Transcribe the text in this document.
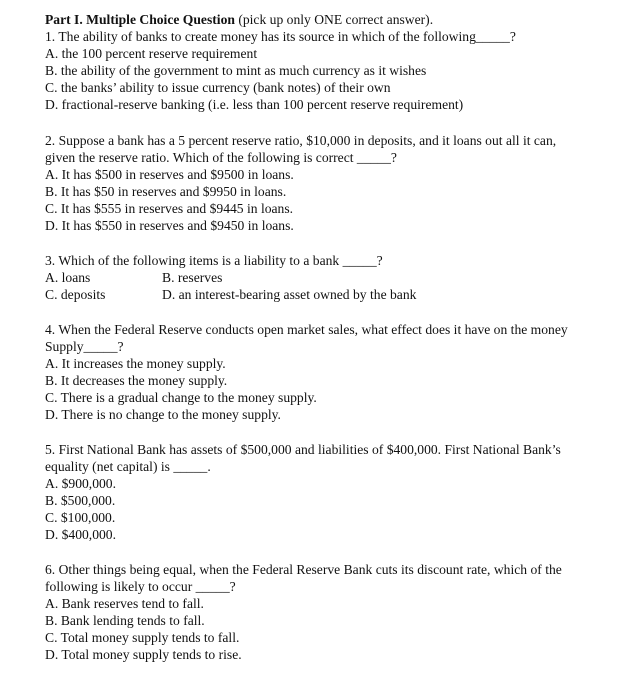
Part I. Multiple Choice Question (pick up only ONE correct answer).
1. The ability of banks to create money has its source in which of the following_____?
A. the 100 percent reserve requirement
B. the ability of the government to mint as much currency as it wishes
C. the banks’ ability to issue currency (bank notes) of their own
D. fractional-reserve banking (i.e. less than 100 percent reserve requirement)
2. Suppose a bank has a 5 percent reserve ratio, $10,000 in deposits, and it loans out all it can,
given the reserve ratio. Which of the following is correct _____?
A. It has $500 in reserves and $9500 in loans.
B. It has $50 in reserves and $9950 in loans.
C. It has $555 in reserves and $9445 in loans.
D. It has $550 in reserves and $9450 in loans.
3. Which of the following items is a liability to a bank _____?
A. loans	B. reserves
C. deposits	D. an interest-bearing asset owned by the bank
4. When the Federal Reserve conducts open market sales, what effect does it have on the money
Supply_____?
A. It increases the money supply.
B. It decreases the money supply.
C. There is a gradual change to the money supply.
D. There is no change to the money supply.
5. First National Bank has assets of $500,000 and liabilities of $400,000. First National Bank’s
equality (net capital) is _____.
A. $900,000.
B. $500,000.
C. $100,000.
D. $400,000.
6. Other things being equal, when the Federal Reserve Bank cuts its discount rate, which of the
following is likely to occur _____?
A. Bank reserves tend to fall.
B. Bank lending tends to fall.
C. Total money supply tends to fall.
D. Total money supply tends to rise.
